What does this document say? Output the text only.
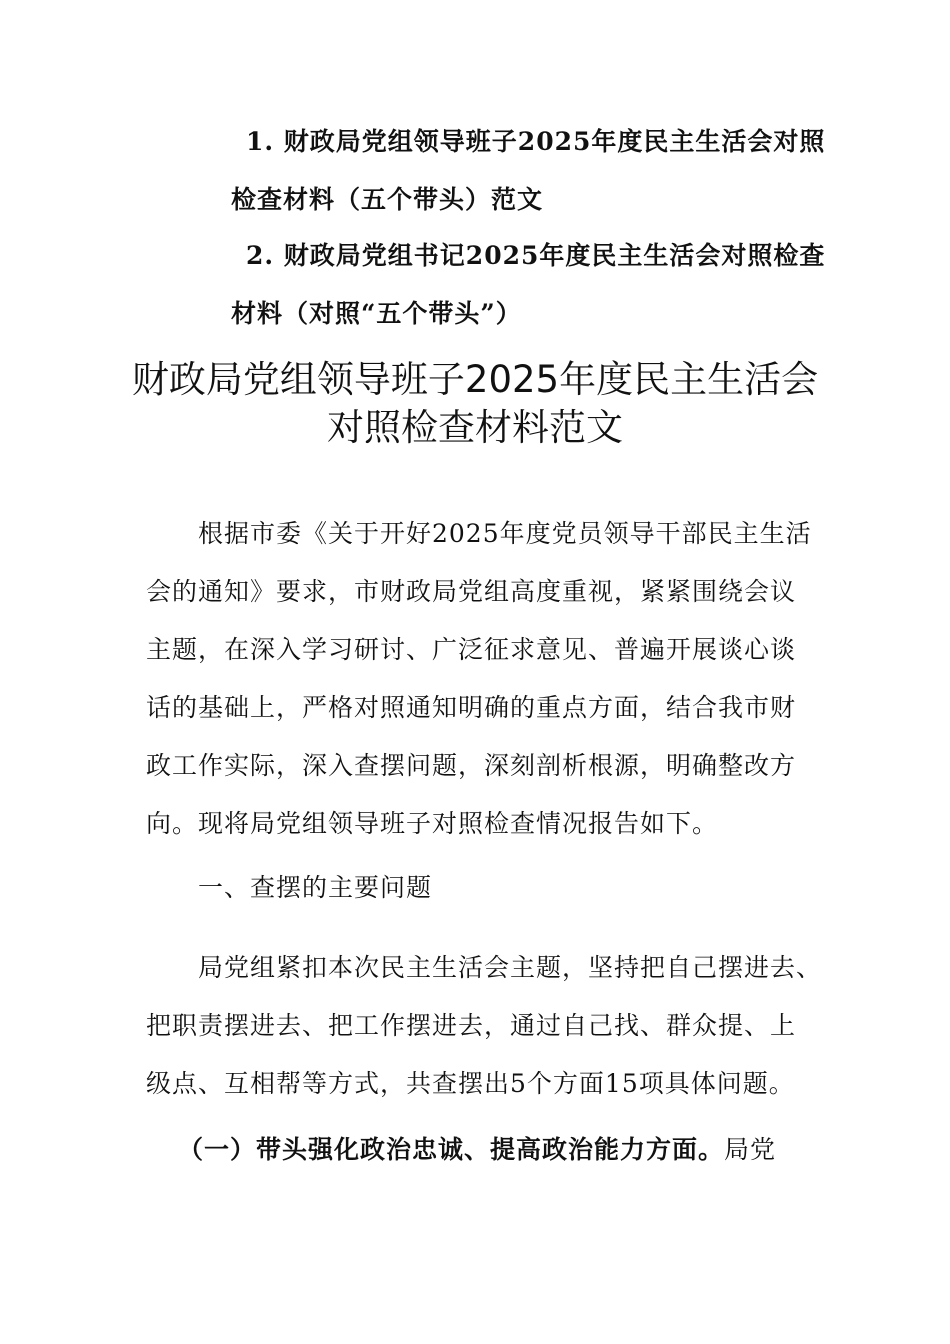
1. 财政局党组领导班子2025年度民主生活会对照
检查材料（五个带头）范文
2. 财政局党组书记2025年度民主生活会对照检查
材料（对照“五个带头”）
财政局党组领导班子2025年度民主生活会
对照检查材料范文
根据市委《关于开好2025年度党员领导干部民主生活
会的通知》要求，市财政局党组高度重视，紧紧围绕会议
主题，在深入学习研讨、广泛征求意见、普遍开展谈心谈
话的基础上，严格对照通知明确的重点方面，结合我市财
政工作实际，深入查摆问题，深刻剖析根源，明确整改方
向。现将局党组领导班子对照检查情况报告如下。
一、查摆的主要问题
局党组紧扣本次民主生活会主题，坚持把自己摆进去、
把职责摆进去、把工作摆进去，通过自己找、群众提、上
级点、互相帮等方式，共查摆出5个方面15项具体问题。
（一）带头强化政治忠诚、提高政治能力方面。局党
